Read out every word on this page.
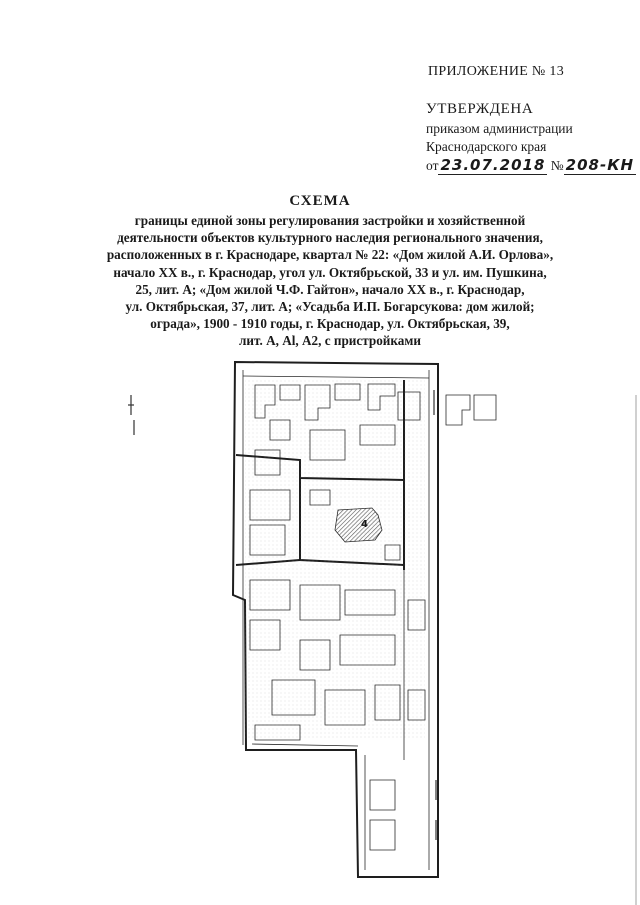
ПРИЛОЖЕНИЕ № 13
УТВЕРЖДЕНА
приказом администрации
Краснодарского края
от 23.07.2018 № 208-КН
СХЕМА
границы единой зоны регулирования застройки и хозяйственной
деятельности объектов культурного наследия регионального значения,
расположенных в г. Краснодаре, квартал № 22: «Дом жилой А.И. Орлова»,
начало XX в., г. Краснодар, угол ул. Октябрьской, 33 и ул. им. Пушкина,
25, лит. А; «Дом жилой Ч.Ф. Гайтон», начало XX в., г. Краснодар,
ул. Октябрьская, 37, лит. А; «Усадьба И.П. Богарсукова: дом жилой;
ограда», 1900 - 1910 годы, г. Краснодар, ул. Октябрьская, 39,
лит. А, Al, А2, с пристройками
4
